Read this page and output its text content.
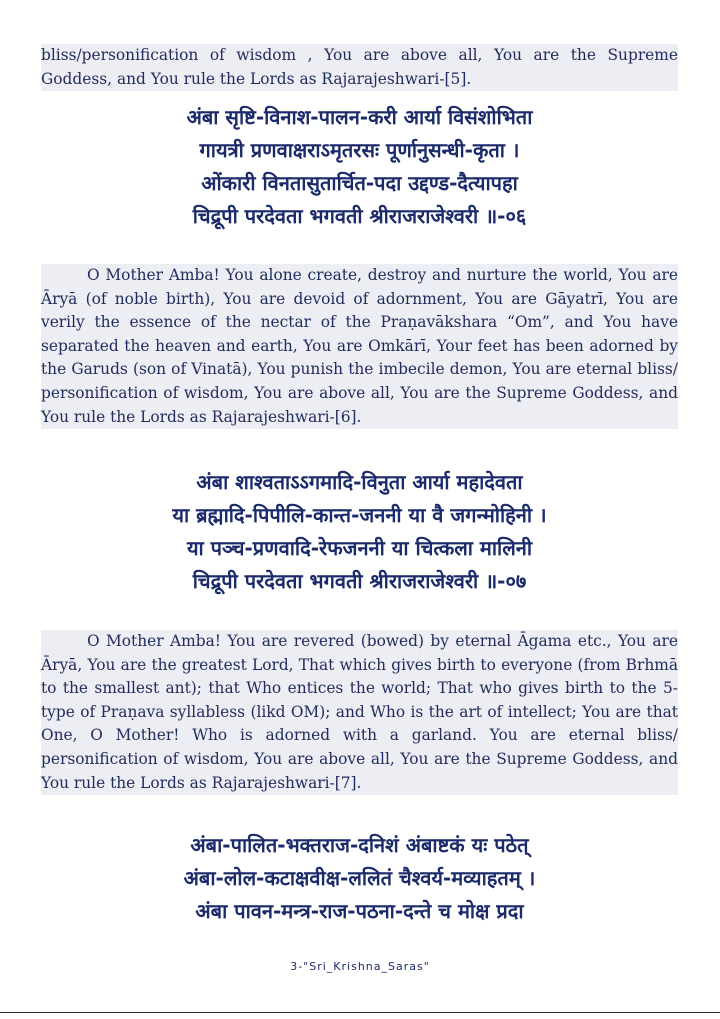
bliss/personification of wisdom , You are above all, You are the Supreme Goddess, and You rule the Lords as Rajarajeshwari-[5].

अंबा सृष्टि-विनाश-पालन-करी आर्या विसंशोभिता
गायत्री प्रणवाक्षराऽमृतरसः पूर्णानुसन्धी-कृता ।
ओंकारी विनतासुतार्चित-पदा उद्दण्ड-दैत्यापहा
चिद्रूपी परदेवता भगवती श्रीराजराजेश्वरी ॥-०६

O Mother Amba! You alone create, destroy and nurture the world, You are Āryā (of noble birth), You are devoid of adornment, You are Gāyatrī, You are verily the essence of the nectar of the Praṇavākshara “Om”, and You have separated the heaven and earth, You are Omkārī, Your feet has been adorned by the Garuds (son of Vinatā), You punish the imbecile demon, You are eternal bliss/ personification of wisdom, You are above all, You are the Supreme Goddess, and You rule the Lords as Rajarajeshwari-[6].

अंबा शाश्वताऽऽगमादि-विनुता आर्या महादेवता
या ब्रह्मादि-पिपीलि-कान्त-जननी या वै जगन्मोहिनी ।
या पञ्च-प्रणवादि-रेफजननी या चित्कला मालिनी
चिद्रूपी परदेवता भगवती श्रीराजराजेश्वरी ॥-०७

O Mother Amba! You are revered (bowed) by eternal Āgama etc., You are Āryā, You are the greatest Lord, That which gives birth to everyone (from Brhmā to the smallest ant); that Who entices the world; That who gives birth to the 5-type of Praṇava syllabless (likd OM); and Who is the art of intellect; You are that One, O Mother! Who is adorned with a garland. You are eternal bliss/ personification of wisdom, You are above all, You are the Supreme Goddess, and You rule the Lords as Rajarajeshwari-[7].

अंबा-पालित-भक्तराज-दनिशं अंबाष्टकं यः पठेत्
अंबा-लोल-कटाक्षवीक्ष-ललितं चैश्वर्य-मव्याहतम् ।
अंबा पावन-मन्त्र-राज-पठना-दन्ते च मोक्ष प्रदा
3-"Sri_Krishna_Saras"
